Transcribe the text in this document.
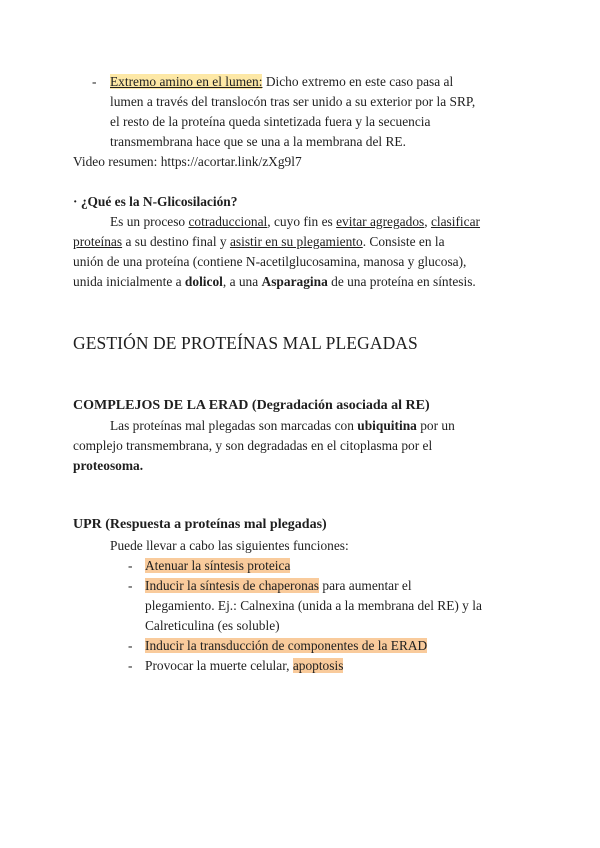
- Extremo amino en el lumen: Dicho extremo en este caso pasa al
lumen a través del translocón tras ser unido a su exterior por la SRP,
el resto de la proteína queda sintetizada fuera y la secuencia
transmembrana hace que se una a la membrana del RE.
Video resumen: https://acortar.link/zXg9l7
· ¿Qué es la N-Glicosilación?
Es un proceso cotraduccional, cuyo fin es evitar agregados, clasificar
proteínas a su destino final y asistir en su plegamiento. Consiste en la
unión de una proteína (contiene N-acetilglucosamina, manosa y glucosa),
unida inicialmente a dolicol, a una Asparagina de una proteína en síntesis.
GESTIÓN DE PROTEÍNAS MAL PLEGADAS
COMPLEJOS DE LA ERAD (Degradación asociada al RE)
Las proteínas mal plegadas son marcadas con ubiquitina por un
complejo transmembrana, y son degradadas en el citoplasma por el
proteosoma.
UPR (Respuesta a proteínas mal plegadas)
Puede llevar a cabo las siguientes funciones:
- Atenuar la síntesis proteica
- Inducir la síntesis de chaperonas para aumentar el
plegamiento. Ej.: Calnexina (unida a la membrana del RE) y la
Calreticulina (es soluble)
- Inducir la transducción de componentes de la ERAD
- Provocar la muerte celular, apoptosis
